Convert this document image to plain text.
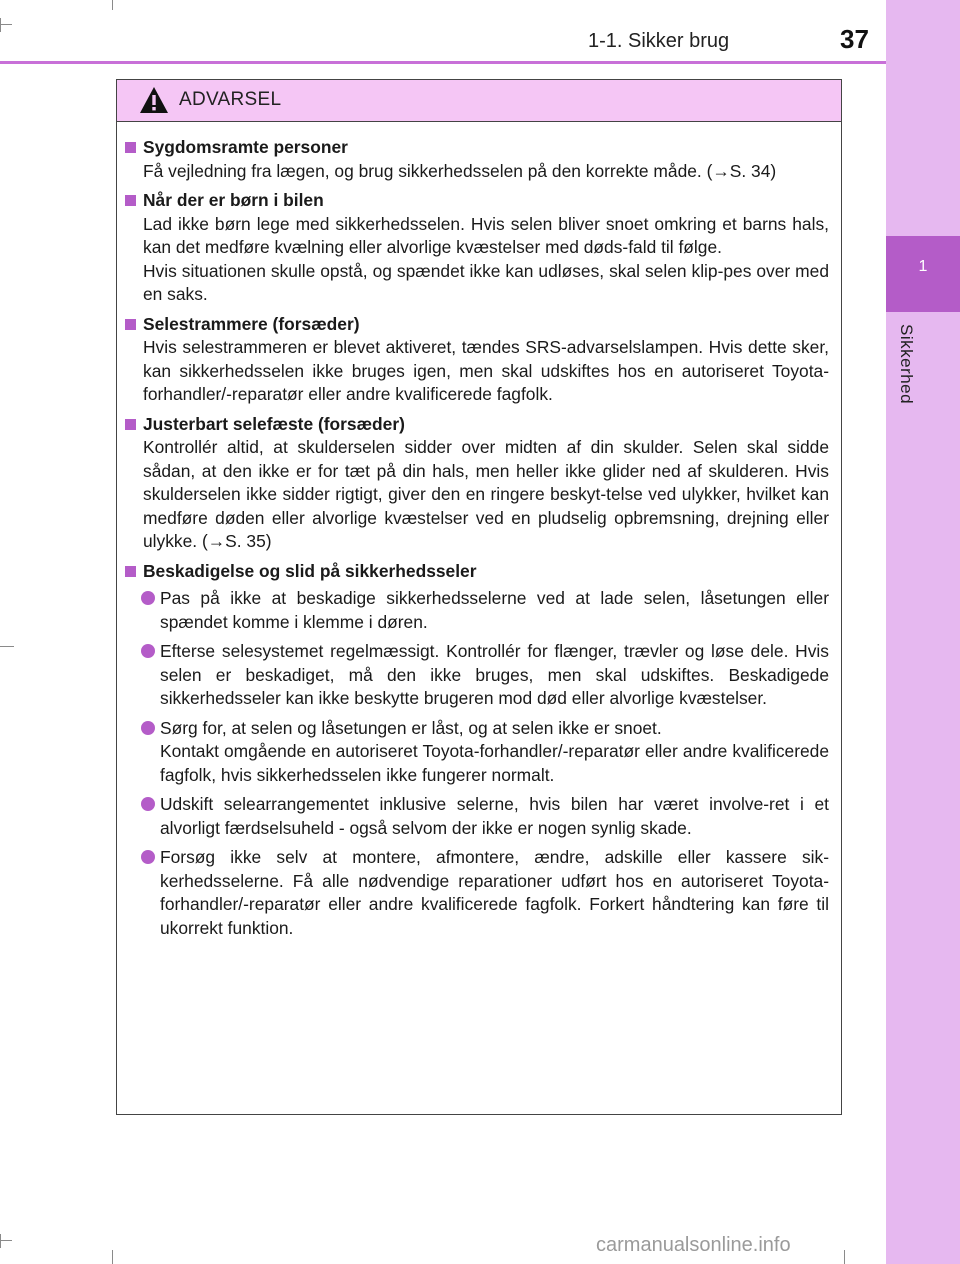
1
Sikkerhed
1-1. Sikker brug	37
ADVARSEL
Sygdomsramte personer
Få vejledning fra lægen, og brug sikkerhedsselen på den korrekte måde. (→S. 34)
Når der er børn i bilen
Lad ikke børn lege med sikkerhedsselen. Hvis selen bliver snoet omkring et barns hals, kan det medføre kvælning eller alvorlige kvæstelser med døds-fald til følge.
Hvis situationen skulle opstå, og spændet ikke kan udløses, skal selen klip-pes over med en saks.
Selestrammere (forsæder)
Hvis selestrammeren er blevet aktiveret, tændes SRS-advarselslampen. Hvis dette sker, kan sikkerhedsselen ikke bruges igen, men skal udskiftes hos en autoriseret Toyota-forhandler/-reparatør eller andre kvalificerede fagfolk.
Justerbart selefæste (forsæder)
Kontrollér altid, at skulderselen sidder over midten af din skulder. Selen skal sidde sådan, at den ikke er for tæt på din hals, men heller ikke glider ned af skulderen. Hvis skulderselen ikke sidder rigtigt, giver den en ringere beskyt-telse ved ulykker, hvilket kan medføre døden eller alvorlige kvæstelser ved en pludselig opbremsning, drejning eller ulykke. (→S. 35)
Beskadigelse og slid på sikkerhedsseler
Pas på ikke at beskadige sikkerhedsselerne ved at lade selen, låsetungen eller spændet komme i klemme i døren.
Efterse selesystemet regelmæssigt. Kontrollér for flænger, trævler og løse dele. Hvis selen er beskadiget, må den ikke bruges, men skal udskiftes. Beskadigede sikkerhedsseler kan ikke beskytte brugeren mod død eller alvorlige kvæstelser.
Sørg for, at selen og låsetungen er låst, og at selen ikke er snoet.
Kontakt omgående en autoriseret Toyota-forhandler/-reparatør eller andre kvalificerede fagfolk, hvis sikkerhedsselen ikke fungerer normalt.
Udskift selearrangementet inklusive selerne, hvis bilen har været involve-ret i et alvorligt færdselsuheld - også selvom der ikke er nogen synlig skade.
Forsøg ikke selv at montere, afmontere, ændre, adskille eller kassere sik-kerhedsselerne. Få alle nødvendige reparationer udført hos en autoriseret Toyota-forhandler/-reparatør eller andre kvalificerede fagfolk. Forkert håndtering kan føre til ukorrekt funktion.
carmanualsonline.info
